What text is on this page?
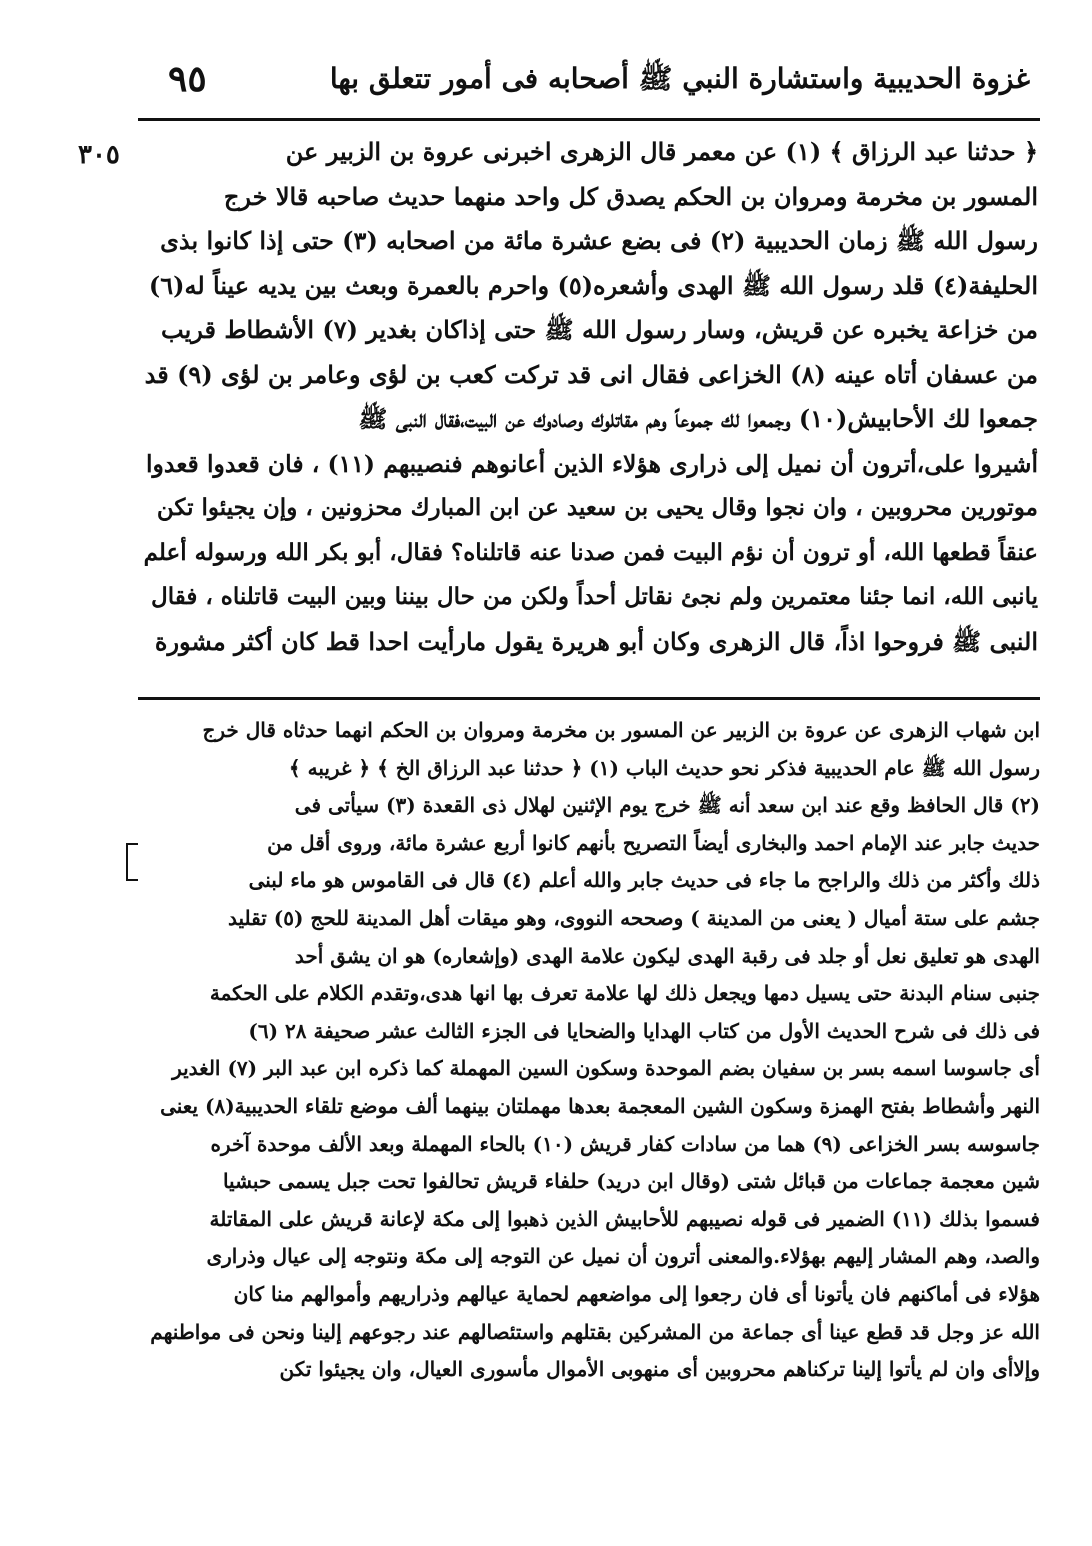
غزوة الحديبية واستشارة النبي ﷺ أصحابه فى أمور تتعلق بها
٩٥
٣٠٥	﴿ حدثنا عبد الرزاق ﴾ (١) عن معمر قال الزهرى اخبرنى عروة بن الزبير عن
المسور بن مخرمة ومروان بن الحكم يصدق كل واحد منهما حديث صاحبه قالا خرج
رسول الله ﷺ زمان الحديبية (٢) فى بضع عشرة مائة من اصحابه (٣) حتى إذا كانوا بذى
الحليفة(٤) قلد رسول الله ﷺ الهدى وأشعره(٥) واحرم بالعمرة وبعث بين يديه عيناً له(٦)
من خزاعة يخبره عن قريش، وسار رسول الله ﷺ حتى إذاكان بغدير (٧) الأشطاط قريب
من عسفان أتاه عينه (٨) الخزاعى فقال انى قد تركت كعب بن لؤى وعامر بن لؤى (٩) قد
جمعوا لك الأحابيش(١٠) وجمعوا لك جموعاً وهم مقاتلوك وصادوك عن البيت،فقال النبى ﷺ
أشيروا على،أترون أن نميل إلى ذرارى هؤلاء الذين أعانوهم فنصيبهم (١١) ، فان قعدوا قعدوا
موتورين محروبين ، وان نجوا وقال يحيى بن سعيد عن ابن المبارك محزونين ، وإن يجيئوا تكن
عنقاً قطعها الله، أو ترون أن نؤم البيت فمن صدنا عنه قاتلناه؟ فقال، أبو بكر الله ورسوله أعلم
يانبى الله، انما جئنا معتمرين ولم نجئ نقاتل أحداً ولكن من حال بيننا وبين البيت قاتلناه ، فقال
النبى ﷺ فروحوا اذاً، قال الزهرى وكان أبو هريرة يقول مارأيت احدا قط كان أكثر مشورة
ابن شهاب الزهرى عن عروة بن الزبير عن المسور بن مخرمة ومروان بن الحكم انهما حدثاه قال خرج
رسول الله ﷺ عام الحديبية فذكر نحو حديث الباب (١) ﴿ حدثنا عبد الرزاق الخ ﴾ ﴿ غريبه ﴾
(٢) قال الحافظ وقع عند ابن سعد أنه ﷺ خرج يوم الإثنين لهلال ذى القعدة (٣) سيأتى فى
حديث جابر عند الإمام احمد والبخارى أيضاً التصريح بأنهم كانوا أربع عشرة مائة، وروى أقل من
ذلك وأكثر من ذلك والراجح ما جاء فى حديث جابر والله أعلم (٤) قال فى القاموس هو ماء لبنى
جشم على ستة أميال ( يعنى من المدينة ) وصححه النووى، وهو ميقات أهل المدينة للحج (٥) تقليد
الهدى هو تعليق نعل أو جلد فى رقبة الهدى ليكون علامة الهدى (وإشعاره) هو ان يشق أحد
جنبى سنام البدنة حتى يسيل دمها ويجعل ذلك لها علامة تعرف بها انها هدى،وتقدم الكلام على الحكمة
فى ذلك فى شرح الحديث الأول من كتاب الهدايا والضحايا فى الجزء الثالث عشر صحيفة ٢٨ (٦)
أى جاسوسا اسمه بسر بن سفيان بضم الموحدة وسكون السين المهملة كما ذكره ابن عبد البر (٧) الغدير
النهر وأشطاط بفتح الهمزة وسكون الشين المعجمة بعدها مهملتان بينهما ألف موضع تلقاء الحديبية(٨) يعنى
جاسوسه بسر الخزاعى (٩) هما من سادات كفار قريش (١٠) بالحاء المهملة وبعد الألف موحدة آخره
شين معجمة جماعات من قبائل شتى (وقال ابن دريد) حلفاء قريش تحالفوا تحت جبل يسمى حبشيا
فسموا بذلك (١١) الضمير فى قوله نصيبهم للأحابيش الذين ذهبوا إلى مكة لإعانة قريش على المقاتلة
والصد، وهم المشار إليهم بهؤلاء.والمعنى أترون أن نميل عن التوجه إلى مكة ونتوجه إلى عيال وذرارى
هؤلاء فى أماكنهم فان يأتونا أى فان رجعوا إلى مواضعهم لحماية عيالهم وذراريهم وأموالهم منا كان
الله عز وجل قد قطع عينا أى جماعة من المشركين بقتلهم واستئصالهم عند رجوعهم إلينا ونحن فى مواطنهم
وإلاأى وان لم يأتوا إلينا تركناهم محروبين أى منهوبى الأموال مأسورى العيال، وان يجيئوا تكن
